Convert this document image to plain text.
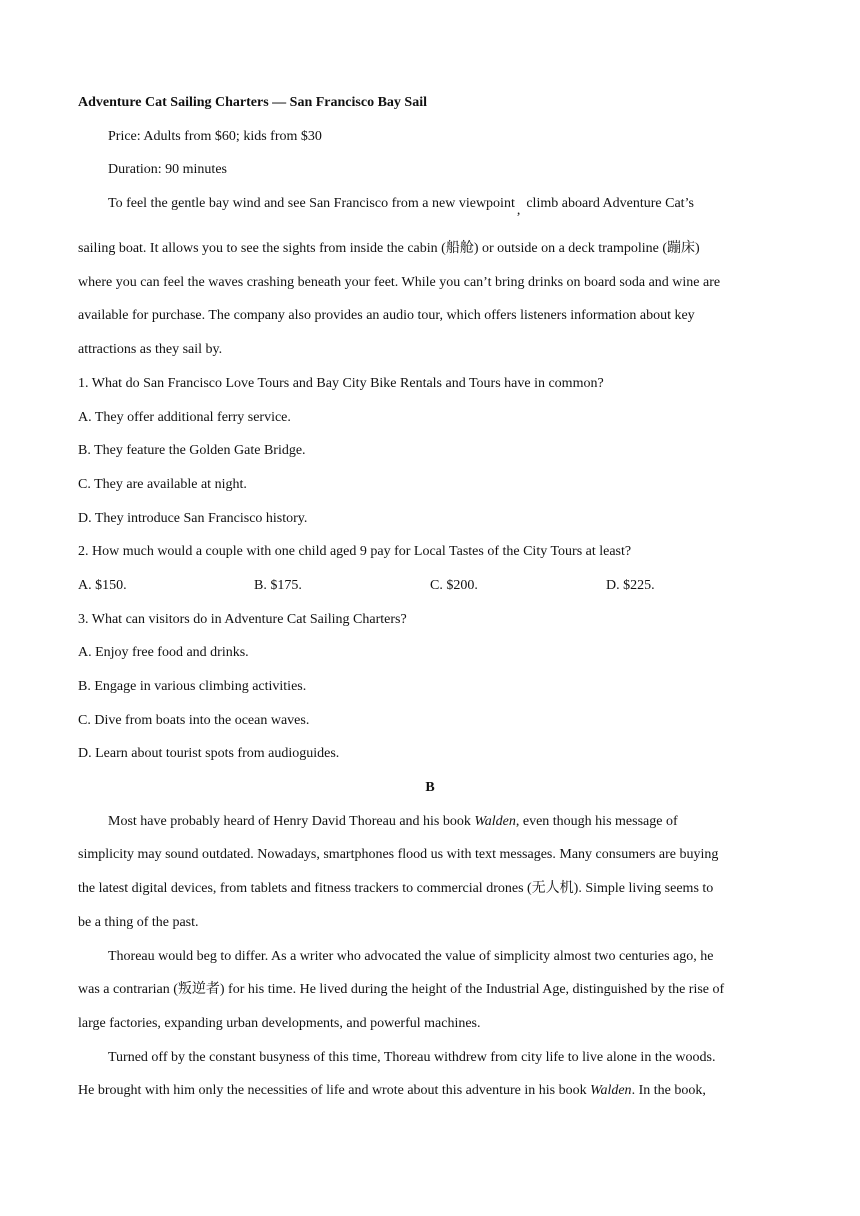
Adventure Cat Sailing Charters — San Francisco Bay Sail
Price: Adults from $60; kids from $30
Duration: 90 minutes
To feel the gentle bay wind and see San Francisco from a new viewpoint , climb aboard Adventure Cat’s
sailing boat. It allows you to see the sights from inside the cabin (船舱) or outside on a deck trampoline (蹦床)
where you can feel the waves crashing beneath your feet. While you can’t bring drinks on board soda and wine are
available for purchase. The company also provides an audio tour, which offers listeners information about key
attractions as they sail by.
1. What do San Francisco Love Tours and Bay City Bike Rentals and Tours have in common?
A. They offer additional ferry service.
B. They feature the Golden Gate Bridge.
C. They are available at night.
D. They introduce San Francisco history.
2. How much would a couple with one child aged 9 pay for Local Tastes of the City Tours at least?
A. $150.	B. $175.	C. $200.	D. $225.
3. What can visitors do in Adventure Cat Sailing Charters?
A. Enjoy free food and drinks.
B. Engage in various climbing activities.
C. Dive from boats into the ocean waves.
D. Learn about tourist spots from audioguides.
B
Most have probably heard of Henry David Thoreau and his book Walden, even though his message of
simplicity may sound outdated. Nowadays, smartphones flood us with text messages. Many consumers are buying
the latest digital devices, from tablets and fitness trackers to commercial drones (无人机). Simple living seems to
be a thing of the past.
Thoreau would beg to differ. As a writer who advocated the value of simplicity almost two centuries ago, he
was a contrarian (叛逆者) for his time. He lived during the height of the Industrial Age, distinguished by the rise of
large factories, expanding urban developments, and powerful machines.
Turned off by the constant busyness of this time, Thoreau withdrew from city life to live alone in the woods.
He brought with him only the necessities of life and wrote about this adventure in his book Walden. In the book,
